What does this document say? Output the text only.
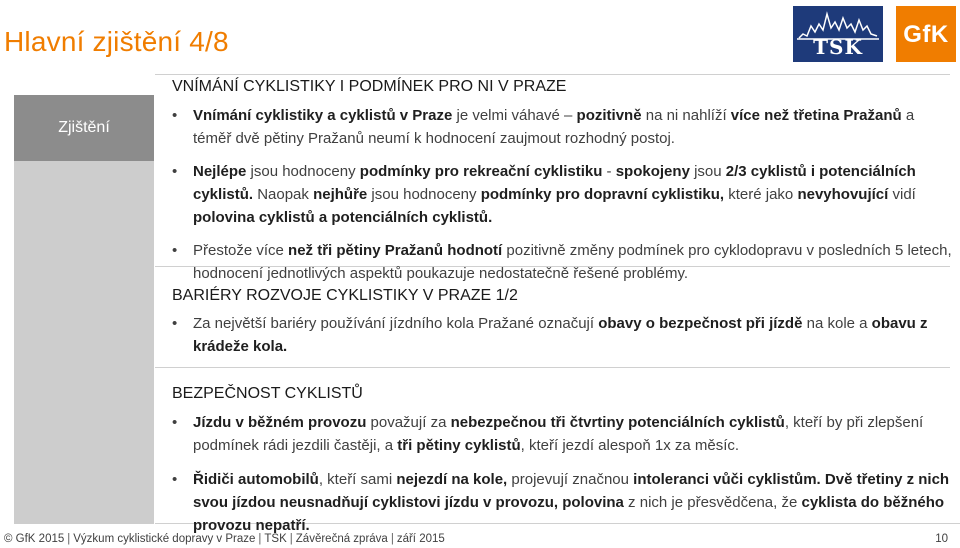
Hlavní zjištění 4/8	TSK	GfK
Zjištění
VNÍMÁNÍ CYKLISTIKY I PODMÍNEK PRO NI V PRAZE
• Vnímání cyklistiky a cyklistů v Praze je velmi váhavé – pozitivně na ni nahlíží více než třetina Pražanů a téměř dvě pětiny Pražanů neumí k hodnocení zaujmout rozhodný postoj.
• Nejlépe jsou hodnoceny podmínky pro rekreační cyklistiku - spokojeny jsou 2/3 cyklistů i potenciálních cyklistů. Naopak nejhůře jsou hodnoceny podmínky pro dopravní cyklistiku, které jako nevyhovující vidí polovina cyklistů a potenciálních cyklistů.
• Přestože více než tři pětiny Pražanů hodnotí pozitivně změny podmínek pro cyklodopravu v posledních 5 letech, hodnocení jednotlivých aspektů poukazuje nedostatečně řešené problémy.
BARIÉRY ROZVOJE CYKLISTIKY V PRAZE 1/2
• Za největší bariéry používání jízdního kola Pražané označují obavy o bezpečnost při jízdě na kole a obavu z krádeže kola.
BEZPEČNOST CYKLISTŮ
• Jízdu v běžném provozu považují za nebezpečnou tři čtvrtiny potenciálních cyklistů, kteří by při zlepšení podmínek rádi jezdili častěji, a tři pětiny cyklistů, kteří jezdí alespoň 1x za měsíc.
• Řidiči automobilů, kteří sami nejezdí na kole, projevují značnou intoleranci vůči cyklistům. Dvě třetiny z nich svou jízdou neusnadňují cyklistovi jízdu v provozu, polovina z nich je přesvědčena, že cyklista do běžného provozu nepatří.
© GfK 2015 | Výzkum cyklistické dopravy v Praze | TSK | Závěrečná zpráva | září 2015	10
